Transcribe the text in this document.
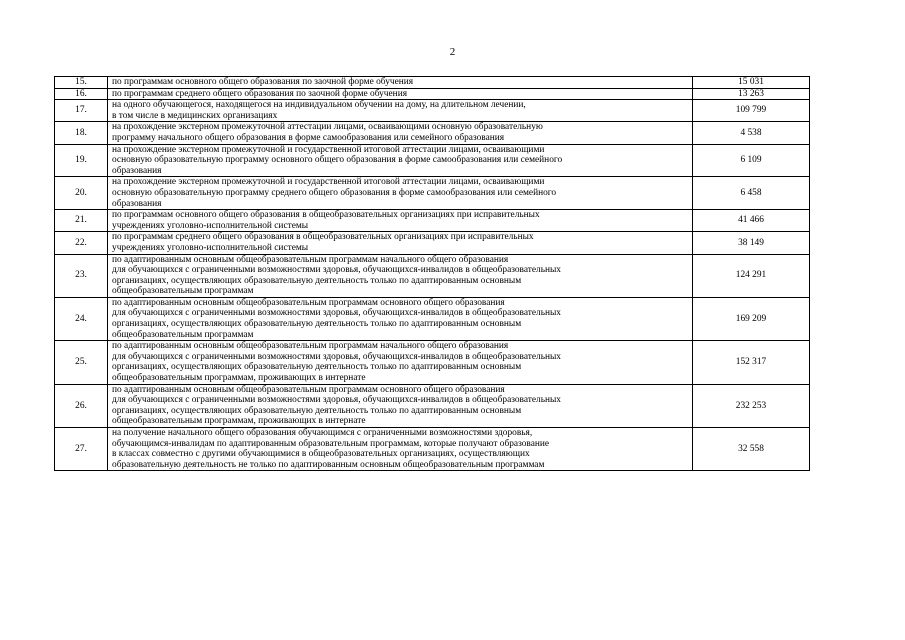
2
15.	по программам основного общего образования по заочной форме обучения	15 031
16.	по программам среднего общего образования по заочной форме обучения	13 263
17.	на одного обучающегося, находящегося на индивидуальном обучении на дому, на длительном лечении,
в том числе в медицинских организациях	109 799
18.	на прохождение экстерном промежуточной аттестации лицами, осваивающими основную образовательную
программу начального общего образования в форме самообразования или семейного образования	4 538
19.	на прохождение экстерном промежуточной и государственной итоговой аттестации лицами, осваивающими
основную образовательную программу основного общего образования в форме самообразования или семейного
образования	6 109
20.	на прохождение экстерном промежуточной и государственной итоговой аттестации лицами, осваивающими
основную образовательную программу среднего общего образования в форме самообразования или семейного
образования	6 458
21.	по программам основного общего образования в общеобразовательных организациях при исправительных
учреждениях уголовно-исполнительной системы	41 466
22.	по программам среднего общего образования в общеобразовательных организациях при исправительных
учреждениях уголовно-исполнительной системы	38 149
23.	по адаптированным основным общеобразовательным программам начального общего образования
для обучающихся с ограниченными возможностями здоровья, обучающихся-инвалидов в общеобразовательных
организациях, осуществляющих образовательную деятельность только по адаптированным основным
общеобразовательным программам	124 291
24.	по адаптированным основным общеобразовательным программам основного общего образования
для обучающихся с ограниченными возможностями здоровья, обучающихся-инвалидов в общеобразовательных
организациях, осуществляющих образовательную деятельность только по адаптированным основным
общеобразовательным программам	169 209
25.	по адаптированным основным общеобразовательным программам начального общего образования
для обучающихся с ограниченными возможностями здоровья, обучающихся-инвалидов в общеобразовательных
организациях, осуществляющих образовательную деятельность только по адаптированным основным
общеобразовательным программам, проживающих в интернате	152 317
26.	по адаптированным основным общеобразовательным программам основного общего образования
для обучающихся с ограниченными возможностями здоровья, обучающихся-инвалидов в общеобразовательных
организациях, осуществляющих образовательную деятельность только по адаптированным основным
общеобразовательным программам, проживающих в интернате	232 253
27.	на получение начального общего образования обучающимся с ограниченными возможностями здоровья,
обучающимся-инвалидам по адаптированным образовательным программам, которые получают образование
в классах совместно с другими обучающимися в общеобразовательных организациях, осуществляющих
образовательную деятельность не только по адаптированным основным общеобразовательным программам	32 558
